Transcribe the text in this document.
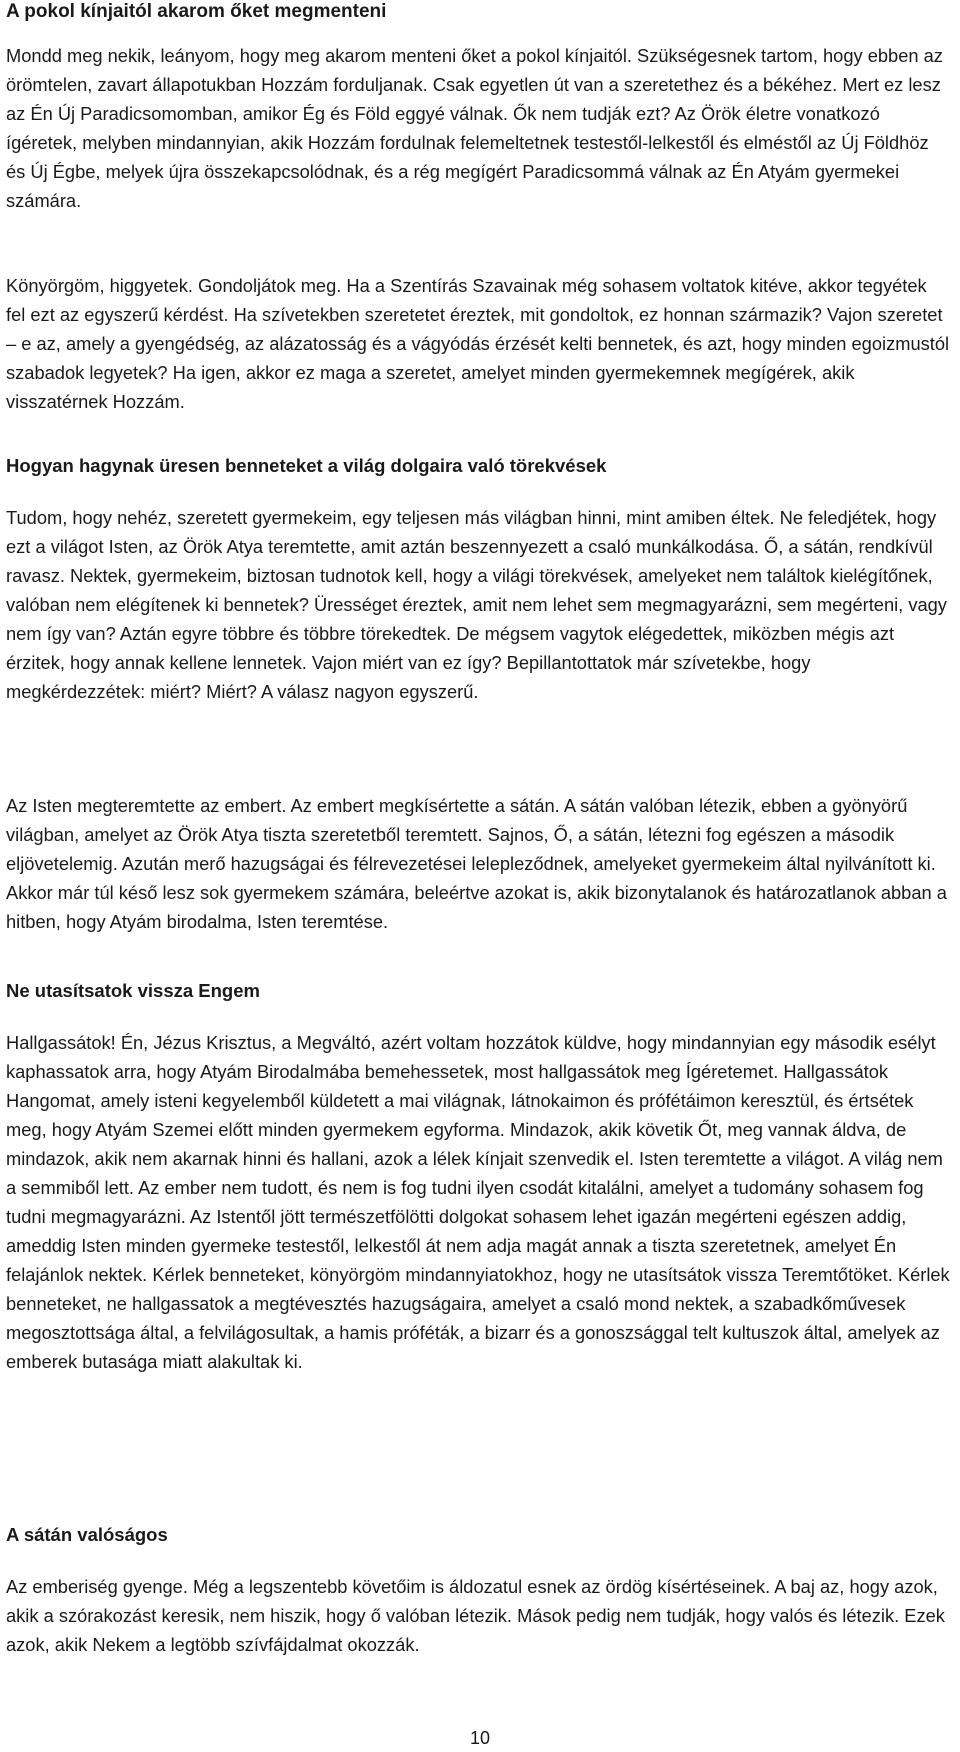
A pokol kínjaitól akarom őket megmenteni

Mondd meg nekik, leányom, hogy meg akarom menteni őket a pokol kínjaitól. Szükségesnek tartom, hogy ebben az örömtelen, zavart állapotukban Hozzám forduljanak. Csak egyetlen út van a szeretethez és a békéhez. Mert ez lesz az Én Új Paradicsomomban, amikor Ég és Föld eggyé válnak. Ők nem tudják ezt? Az Örök életre vonatkozó ígéretek, melyben mindannyian, akik Hozzám fordulnak felemeltetnek testestől-lelkestől és elméstől az Új Földhöz és Új Égbe, melyek újra összekapcsolódnak, és a rég megígért Paradicsommá válnak az Én Atyám gyermekei számára.

Könyörgöm, higgyetek. Gondoljátok meg. Ha a Szentírás Szavainak még sohasem voltatok kitéve, akkor tegyétek fel ezt az egyszerű kérdést. Ha szívetekben szeretetet éreztek, mit gondoltok, ez honnan származik? Vajon szeretet – e az, amely a gyengédség, az alázatosság és a vágyódás érzését kelti bennetek, és azt, hogy minden egoizmustól szabadok legyetek? Ha igen, akkor ez maga a szeretet, amelyet minden gyermekemnek megígérek, akik visszatérnek Hozzám.

Hogyan hagynak üresen benneteket a világ dolgaira való törekvések

Tudom, hogy nehéz, szeretett gyermekeim, egy teljesen más világban hinni, mint amiben éltek. Ne feledjétek, hogy ezt a világot Isten, az Örök Atya teremtette, amit aztán beszennyezett a csaló munkálkodása. Ő, a sátán, rendkívül ravasz. Nektek, gyermekeim, biztosan tudnotok kell, hogy a világi törekvések, amelyeket nem találtok kielégítőnek, valóban nem elégítenek ki bennetek? Ürességet éreztek, amit nem lehet sem megmagyarázni, sem megérteni, vagy nem így van? Aztán egyre többre és többre törekedtek. De mégsem vagytok elégedettek, miközben mégis azt érzitek, hogy annak kellene lennetek. Vajon miért van ez így? Bepillantottatok már szívetekbe, hogy megkérdezzétek: miért? Miért? A válasz nagyon egyszerű.

Az Isten megteremtette az embert. Az embert megkísértette a sátán. A sátán valóban létezik, ebben a gyönyörű világban, amelyet az Örök Atya tiszta szeretetből teremtett. Sajnos, Ő, a sátán, létezni fog egészen a második eljövetelemig. Azután merő hazugságai és félrevezetései lelepleződnek, amelyeket gyermekeim által nyilvánított ki. Akkor már túl késő lesz sok gyermekem számára, beleértve azokat is, akik bizonytalanok és határozatlanok abban a hitben, hogy Atyám birodalma, Isten teremtése.

Ne utasítsatok vissza Engem

Hallgassátok! Én, Jézus Krisztus, a Megváltó, azért voltam hozzátok küldve, hogy mindannyian egy második esélyt kaphassatok arra, hogy Atyám Birodalmába bemehessetek, most hallgassátok meg Ígéretemet. Hallgassátok Hangomat, amely isteni kegyelemből küldetett a mai világnak, látnokaimon és prófétáimon keresztül, és értsétek meg, hogy Atyám Szemei előtt minden gyermekem egyforma. Mindazok, akik követik Őt, meg vannak áldva, de mindazok, akik nem akarnak hinni és hallani, azok a lélek kínjait szenvedik el. Isten teremtette a világot. A világ nem a semmiből lett. Az ember nem tudott, és nem is fog tudni ilyen csodát kitalálni, amelyet a tudomány sohasem fog tudni megmagyarázni. Az Istentől jött természetfölötti dolgokat sohasem lehet igazán megérteni egészen addig, ameddig Isten minden gyermeke testestől, lelkestől át nem adja magát annak a tiszta szeretetnek, amelyet Én felajánlok nektek. Kérlek benneteket, könyörgöm mindannyiatokhoz, hogy ne utasítsátok vissza Teremtőtöket. Kérlek benneteket, ne hallgassatok a megtévesztés hazugságaira, amelyet a csaló mond nektek, a szabadkőművesek megosztottsága által, a felvilágosultak, a hamis próféták, a bizarr és a gonoszsággal telt kultuszok által, amelyek az emberek butasága miatt alakultak ki.

A sátán valóságos

Az emberiség gyenge. Még a legszentebb követőim is áldozatul esnek az ördög kísértéseinek. A baj az, hogy azok, akik a szórakozást keresik, nem hiszik, hogy ő valóban létezik. Mások pedig nem tudják, hogy valós és létezik. Ezek azok, akik Nekem a legtöbb szívfájdalmat okozzák.

10
